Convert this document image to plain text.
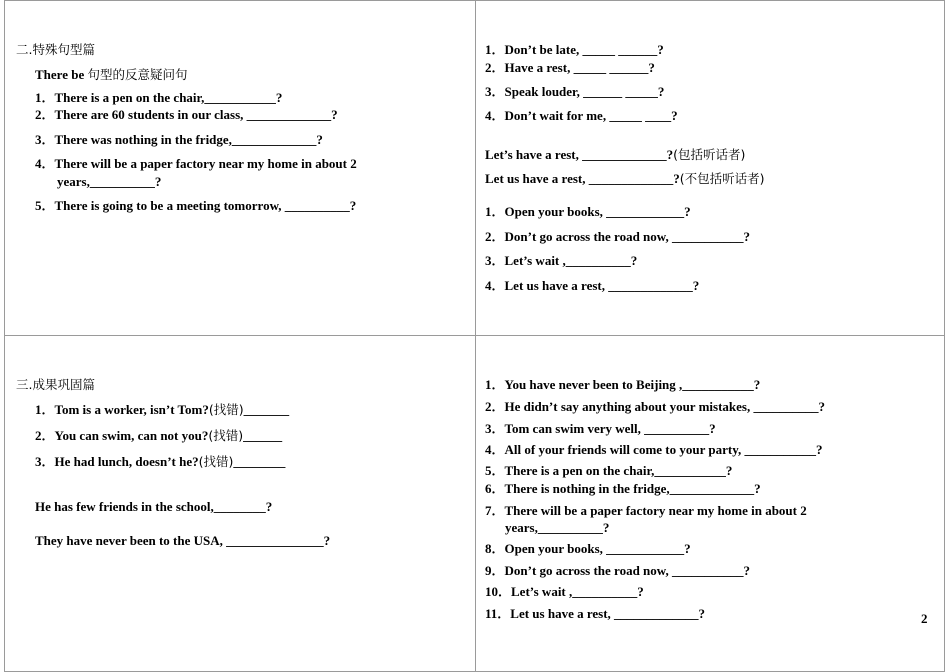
二.特殊句型篇
There be 句型的反意疑问句
1．There is a pen on the chair,___________?
2．There are 60 students in our class, _____________?
3．There was nothing in the fridge,_____________?
4．There will be a paper factory near my home in about 2
years,__________?
5．There is going to be a meeting tomorrow, __________?
1．Don’t be late, _____ ______?
2．Have a rest, _____ ______?
3．Speak louder, ______ _____?
4．Don’t wait for me, _____ ____?
Let’s have a rest, _____________?(包括听话者)
Let us have a rest, _____________?(不包括听话者)
1．Open your books, ____________?
2．Don’t go across the road now, ___________?
3．Let’s wait ,__________?
4．Let us have a rest, _____________?
三.成果巩固篇
1．Tom is a worker, isn’t Tom?(找错)_______
2．You can swim, can not you?(找错)______
3．He had lunch, doesn’t he?(找错)________
He has few friends in the school,________?
They have never been to the USA, _______________?
1．You have never been to Beijing ,___________?
2．He didn’t say anything about your mistakes, __________?
3．Tom can swim very well, __________?
4．All of your friends will come to your party, ___________?
5．There is a pen on the chair,___________?
6．There is nothing in the fridge,_____________?
7．There will be a paper factory near my home in about 2
years,__________?
8．Open your books, ____________?
9．Don’t go across the road now, ___________?
10．Let’s wait ,__________?
11．Let us have a rest, _____________?	2
